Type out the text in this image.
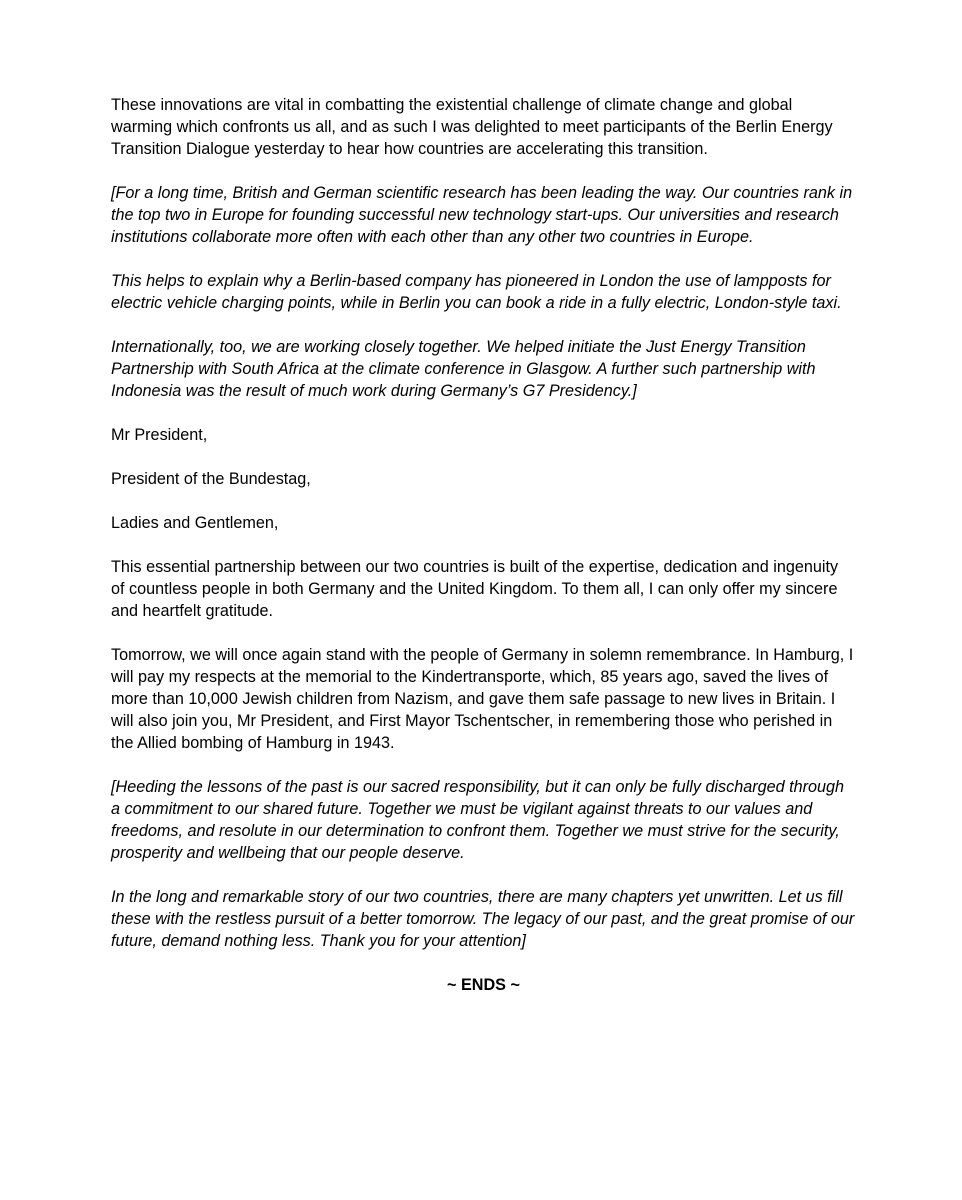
These innovations are vital in combatting the existential challenge of climate change and global warming which confronts us all, and as such I was delighted to meet participants of the Berlin Energy Transition Dialogue yesterday to hear how countries are accelerating this transition.

[For a long time, British and German scientific research has been leading the way. Our countries rank in the top two in Europe for founding successful new technology start-ups. Our universities and research institutions collaborate more often with each other than any other two countries in Europe.

This helps to explain why a Berlin-based company has pioneered in London the use of lampposts for electric vehicle charging points, while in Berlin you can book a ride in a fully electric, London-style taxi.

Internationally, too, we are working closely together. We helped initiate the Just Energy Transition Partnership with South Africa at the climate conference in Glasgow. A further such partnership with Indonesia was the result of much work during Germany’s G7 Presidency.]

Mr President,

President of the Bundestag,

Ladies and Gentlemen,

This essential partnership between our two countries is built of the expertise, dedication and ingenuity of countless people in both Germany and the United Kingdom. To them all, I can only offer my sincere and heartfelt gratitude.

Tomorrow, we will once again stand with the people of Germany in solemn remembrance. In Hamburg, I will pay my respects at the memorial to the Kindertransporte, which, 85 years ago, saved the lives of more than 10,000 Jewish children from Nazism, and gave them safe passage to new lives in Britain. I will also join you, Mr President, and First Mayor Tschentscher, in remembering those who perished in the Allied bombing of Hamburg in 1943.

[Heeding the lessons of the past is our sacred responsibility, but it can only be fully discharged through a commitment to our shared future. Together we must be vigilant against threats to our values and freedoms, and resolute in our determination to confront them. Together we must strive for the security, prosperity and wellbeing that our people deserve.

In the long and remarkable story of our two countries, there are many chapters yet unwritten. Let us fill these with the restless pursuit of a better tomorrow. The legacy of our past, and the great promise of our future, demand nothing less. Thank you for your attention]

~ ENDS ~
